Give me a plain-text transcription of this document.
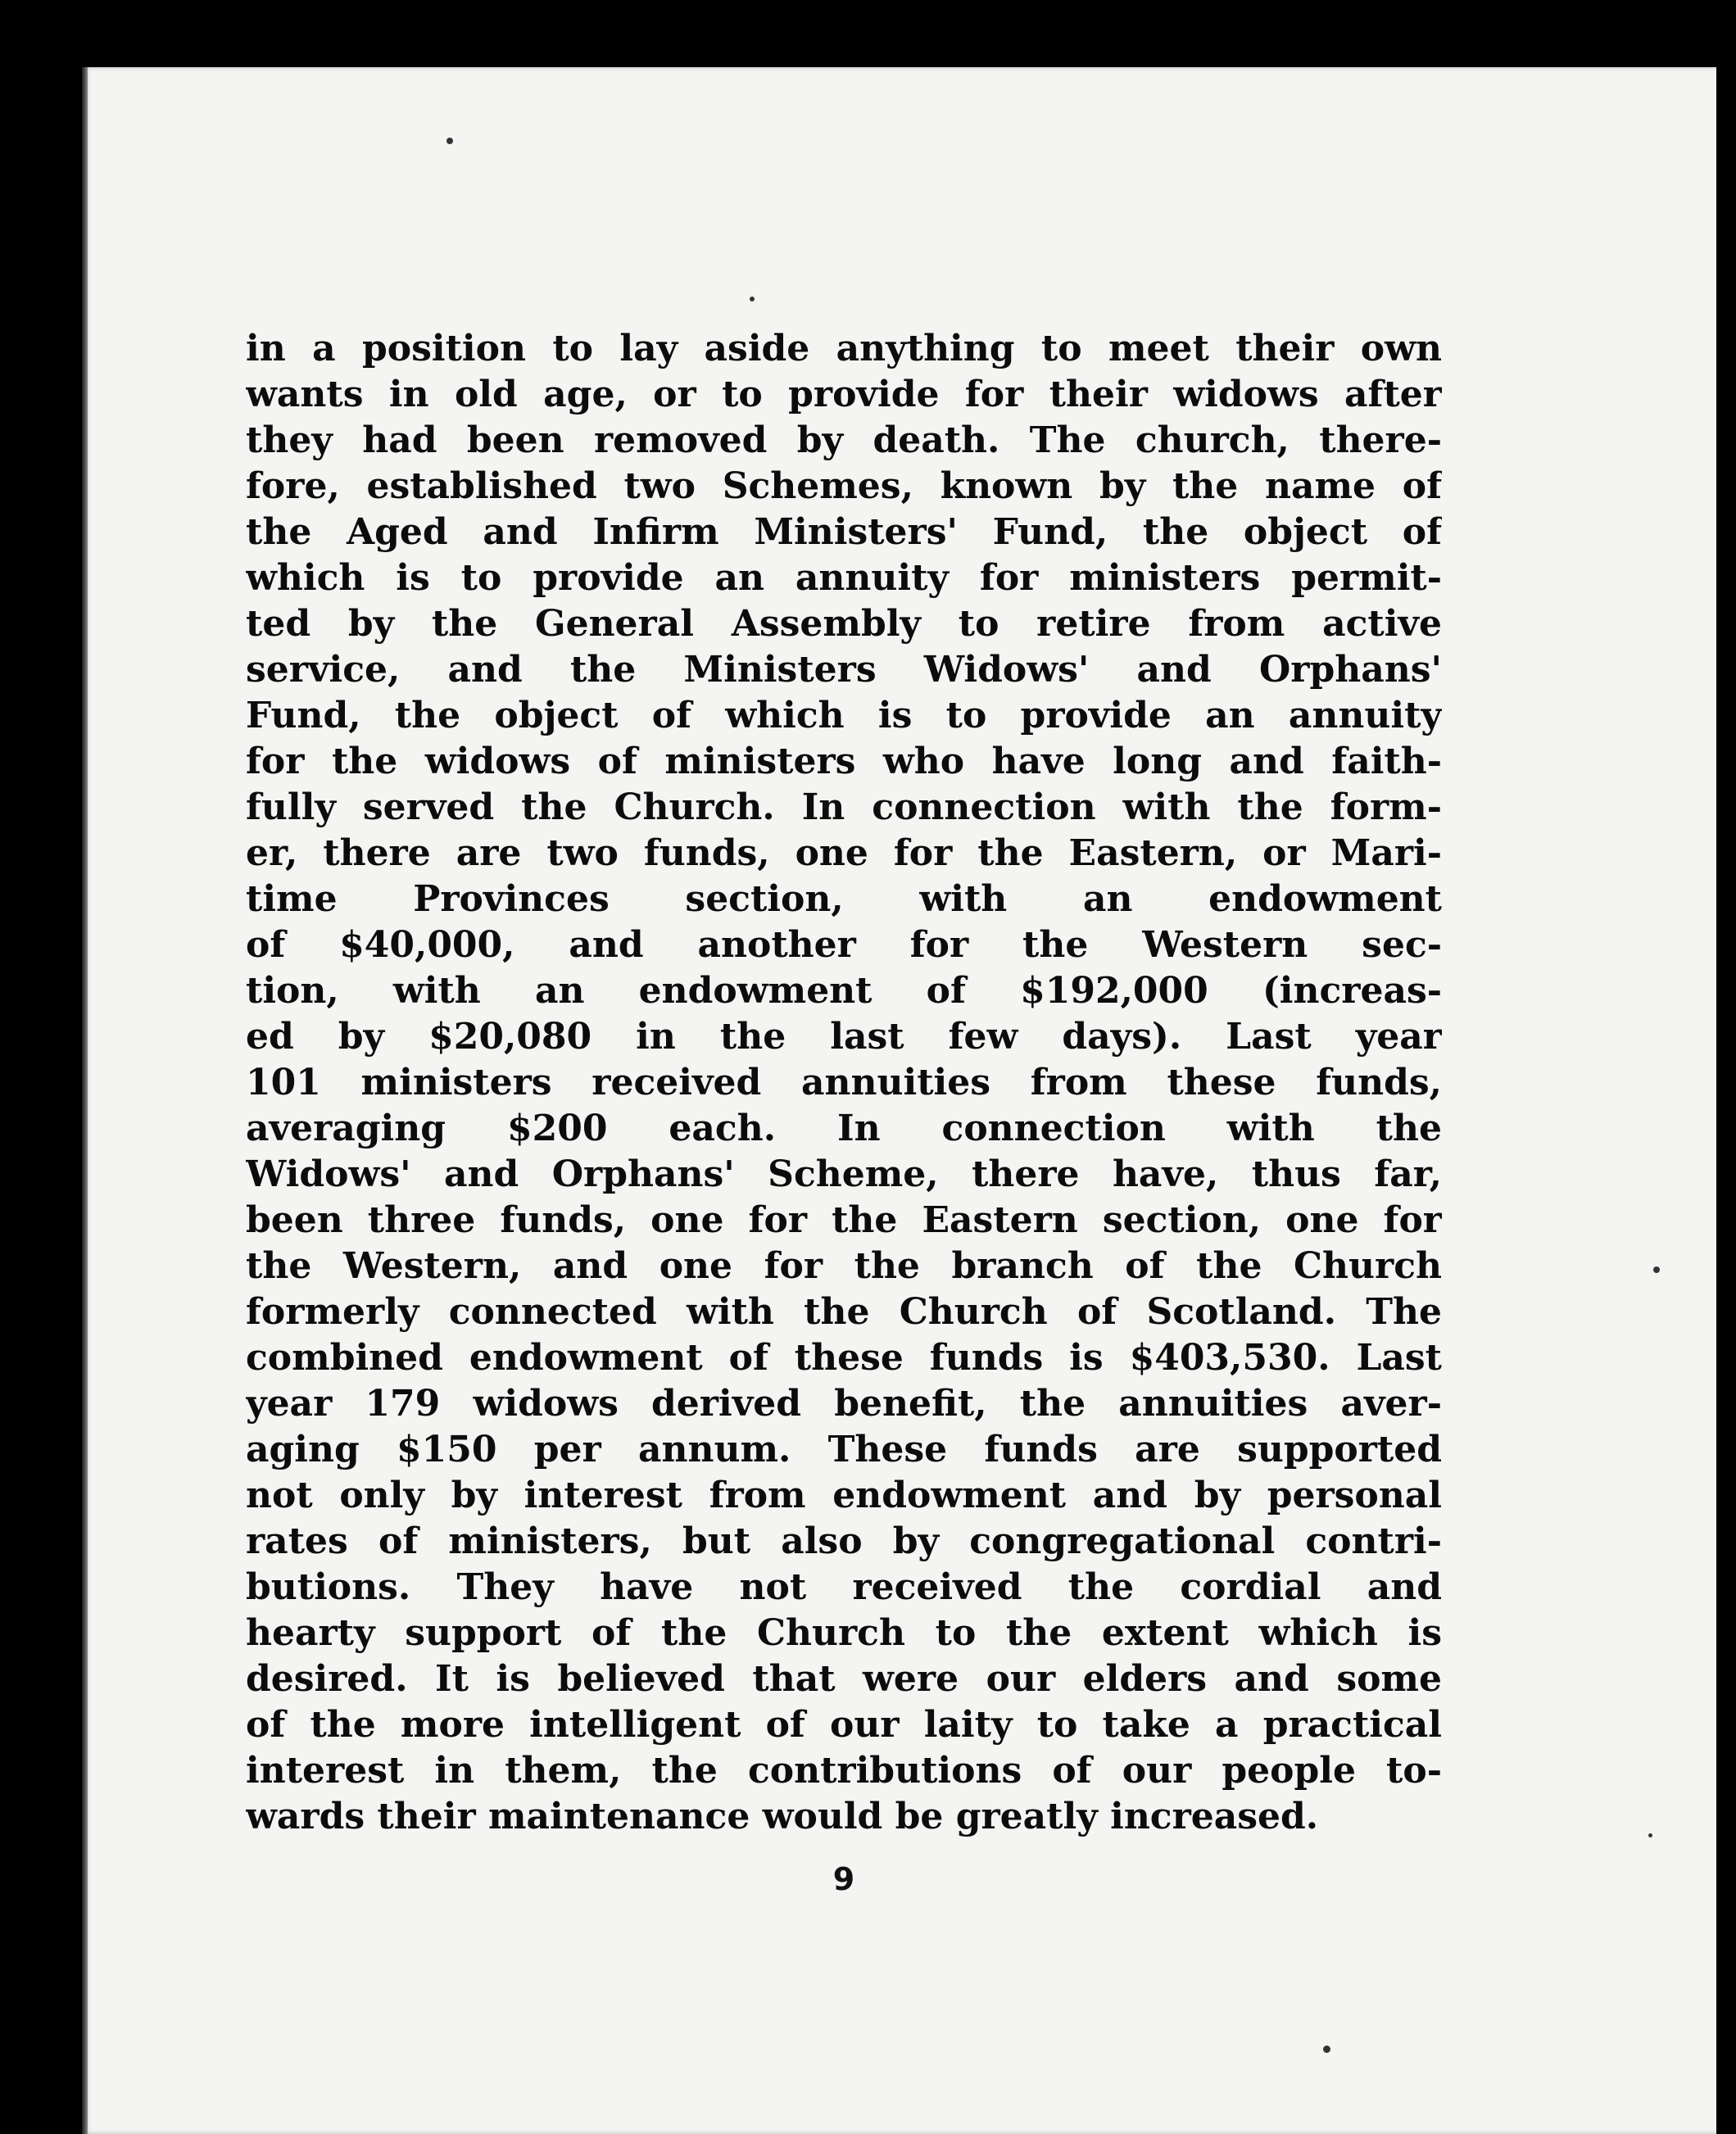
in a position to lay aside anything to meet their own
wants in old age, or to provide for their widows after
they had been removed by death. The church, there-
fore, established two Schemes, known by the name of
the Aged and Infirm Ministers' Fund, the object of
which is to provide an annuity for ministers permit-
ted by the General Assembly to retire from active
service, and the Ministers Widows' and Orphans'
Fund, the object of which is to provide an annuity
for the widows of ministers who have long and faith-
fully served the Church. In connection with the form-
er, there are two funds, one for the Eastern, or Mari-
time Provinces section, with an endowment
of $40,000, and another for the Western sec-
tion, with an endowment of $192,000 (increas-
ed by $20,080 in the last few days). Last year
101 ministers received annuities from these funds,
averaging $200 each. In connection with the
Widows' and Orphans' Scheme, there have, thus far,
been three funds, one for the Eastern section, one for
the Western, and one for the branch of the Church
formerly connected with the Church of Scotland. The
combined endowment of these funds is $403,530. Last
year 179 widows derived benefit, the annuities aver-
aging $150 per annum. These funds are supported
not only by interest from endowment and by personal
rates of ministers, but also by congregational contri-
butions. They have not received the cordial and
hearty support of the Church to the extent which is
desired. It is believed that were our elders and some
of the more intelligent of our laity to take a practical
interest in them, the contributions of our people to-
wards their maintenance would be greatly increased.
9
